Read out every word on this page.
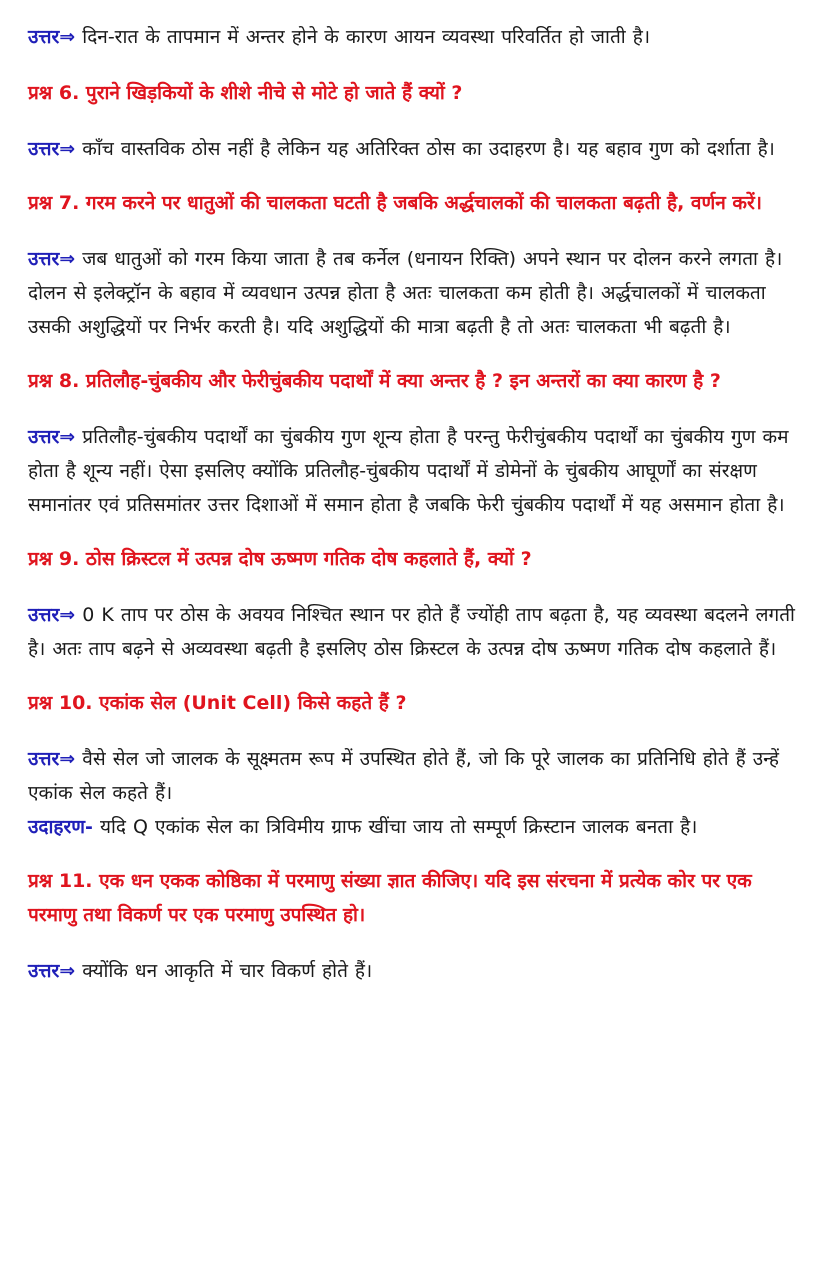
उत्तर⇒ दिन-रात के तापमान में अन्तर होने के कारण आयन व्यवस्था परिवर्तित हो जाती है।

प्रश्न 6. पुराने खिड़कियों के शीशे नीचे से मोटे हो जाते हैं क्यों ?

उत्तर⇒ काँच वास्तविक ठोस नहीं है लेकिन यह अतिरिक्त ठोस का उदाहरण है। यह बहाव गुण को दर्शाता है।

प्रश्न 7. गरम करने पर धातुओं की चालकता घटती है जबकि अर्द्धचालकों की चालकता बढ़ती है, वर्णन करें।

उत्तर⇒ जब धातुओं को गरम किया जाता है तब कर्नेल (धनायन रिक्ति) अपने स्थान पर दोलन करने लगता है। दोलन से इलेक्ट्रॉन के बहाव में व्यवधान उत्पन्न होता है अतः चालकता कम होती है। अर्द्धचालकों में चालकता उसकी अशुद्धियों पर निर्भर करती है। यदि अशुद्धियों की मात्रा बढ़ती है तो अतः चालकता भी बढ़ती है।

प्रश्न 8. प्रतिलौह-चुंबकीय और फेरीचुंबकीय पदार्थों में क्या अन्तर है ? इन अन्तरों का क्या कारण है ?

उत्तर⇒ प्रतिलौह-चुंबकीय पदार्थों का चुंबकीय गुण शून्य होता है परन्तु फेरीचुंबकीय पदार्थों का चुंबकीय गुण कम होता है शून्य नहीं। ऐसा इसलिए क्योंकि प्रतिलौह-चुंबकीय पदार्थों में डोमेनों के चुंबकीय आघूर्णों का संरक्षण समानांतर एवं प्रतिसमांतर उत्तर दिशाओं में समान होता है जबकि फेरी चुंबकीय पदार्थों में यह असमान होता है।

प्रश्न 9. ठोस क्रिस्टल में उत्पन्न दोष ऊष्मण गतिक दोष कहलाते हैं, क्यों ?

उत्तर⇒ 0 K ताप पर ठोस के अवयव निश्चित स्थान पर होते हैं ज्योंही ताप बढ़ता है, यह व्यवस्था बदलने लगती है। अतः ताप बढ़ने से अव्यवस्था बढ़ती है इसलिए ठोस क्रिस्टल के उत्पन्न दोष ऊष्मण गतिक दोष कहलाते हैं।

प्रश्न 10. एकांक सेल (Unit Cell) किसे कहते हैं ?

उत्तर⇒ वैसे सेल जो जालक के सूक्ष्मतम रूप में उपस्थित होते हैं, जो कि पूरे जालक का प्रतिनिधि होते हैं उन्हें एकांक सेल कहते हैं।

उदाहरण- यदि Q एकांक सेल का त्रिविमीय ग्राफ खींचा जाय तो सम्पूर्ण क्रिस्टान जालक बनता है।

प्रश्न 11. एक धन एकक कोष्ठिका में परमाणु संख्या ज्ञात कीजिए। यदि इस संरचना में प्रत्येक कोर पर एक परमाणु तथा विकर्ण पर एक परमाणु उपस्थित हो।

उत्तर⇒ क्योंकि धन आकृति में चार विकर्ण होते हैं।
